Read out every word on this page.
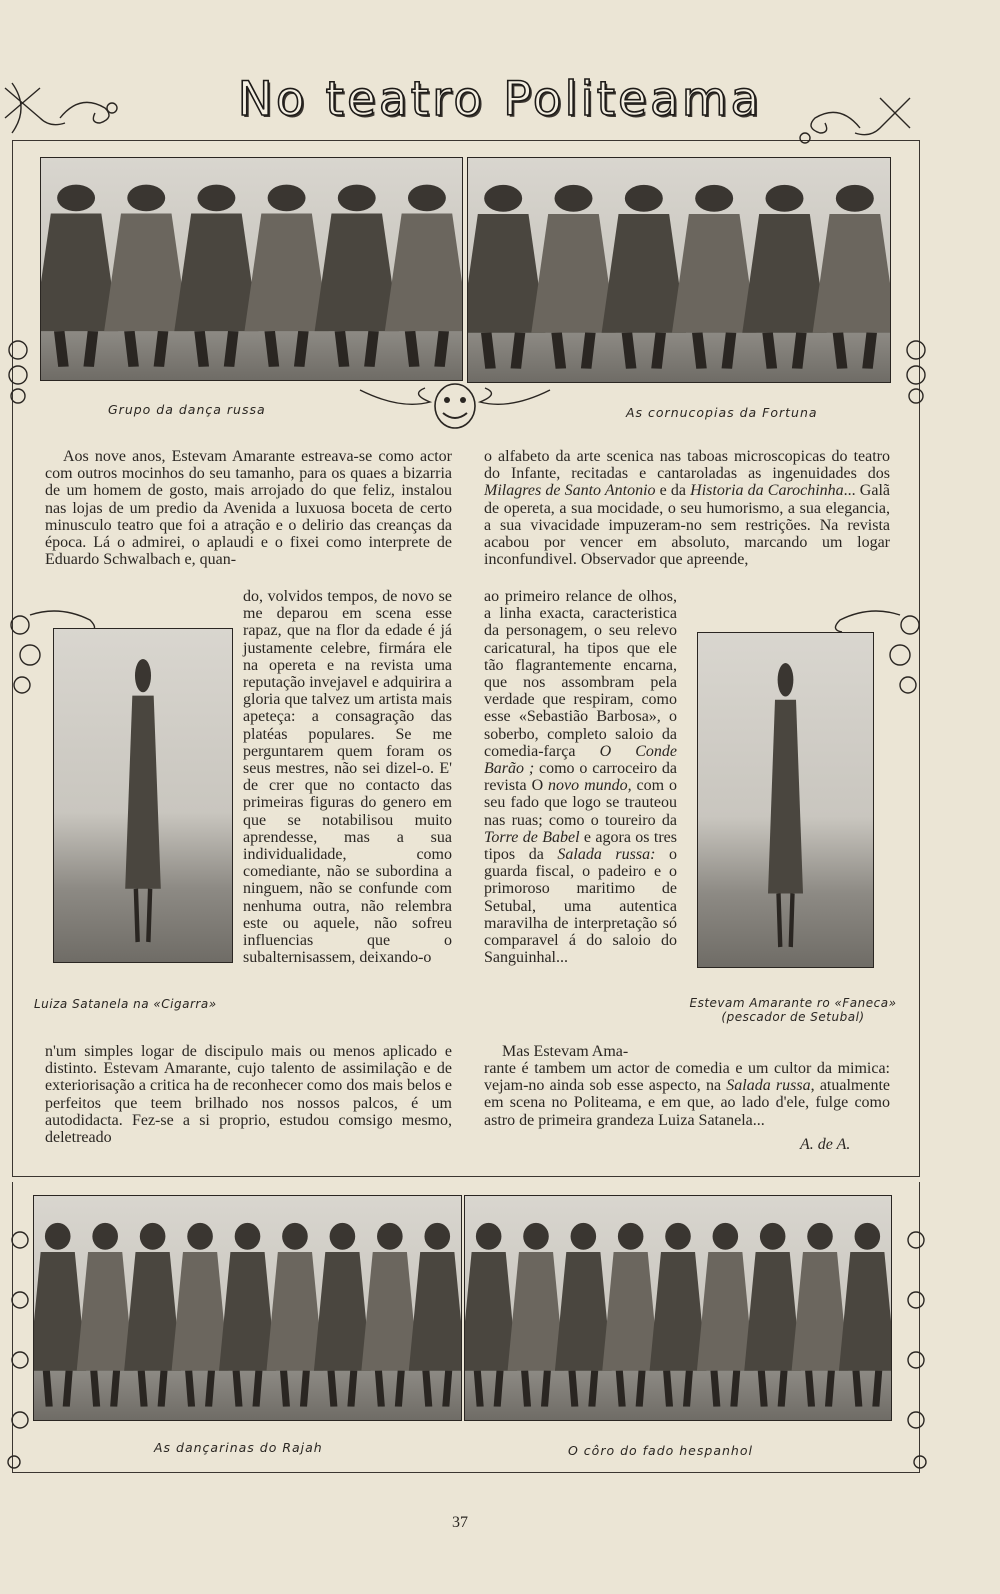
No teatro Politeama
Grupo da dança russa	As cornucopias da Fortuna
Aos nove anos, Estevam Amarante estreava-se como actor com outros mocinhos do seu tamanho, para os quaes a bizarria de um homem de gosto, mais arrojado do que feliz, instalou nas lojas de um predio da Avenida a luxuosa boceta de certo minusculo teatro que foi a atração e o delirio das creanças da época. Lá o admirei, o aplaudi e o fixei como interprete de Eduardo Schwalbach e, quan-
Luiza Satanela na «Cigarra»
do, volvidos tempos, de novo se me deparou em scena esse rapaz, que na flor da edade é já justamente celebre, firmára ele na opereta e na revista uma reputação invejavel e adquirira a gloria que talvez um artista mais apeteça: a consagração das platéas populares. Se me perguntarem quem foram os seus mestres, não sei dizel-o. E' de crer que no contacto das primeiras figuras do genero em que se notabilisou muito aprendesse, mas a sua individualidade, como comediante, não se subordina a ninguem, não se confunde com nenhuma outra, não relembra este ou aquele, não sofreu influencias que o subalternisassem, deixando-o
n'um simples logar de discipulo mais ou menos aplicado e distinto. Estevam Amarante, cujo talento de assimilação e de exteriorisação a critica ha de reconhecer como dos mais belos e perfeitos que teem brilhado nos nossos palcos, é um autodidacta. Fez-se a si proprio, estudou comsigo mesmo, deletreado
o alfabeto da arte scenica nas taboas microscopicas do teatro do Infante, recitadas e cantaroladas as ingenuidades dos Milagres de Santo Antonio e da Historia da Carochinha... Galã de opereta, a sua mocidade, o seu humorismo, a sua elegancia, a sua vivacidade impuzeram-no sem restrições. Na revista acabou por vencer em absoluto, marcando um logar inconfundivel. Observador que apreende,
ao primeiro relance de olhos, a linha exacta, caracteristica da personagem, o seu relevo caricatural, ha tipos que ele tão flagrantemente encarna, que nos assombram pela verdade que respiram, como esse «Sebastião Barbosa», o soberbo, completo saloio da comedia-farça O Conde Barão ; como o carroceiro da revista O novo mundo, com o seu fado que logo se trauteou nas ruas; como o toureiro da Torre de Babel e agora os tres tipos da Salada russa: o guarda fiscal, o padeiro e o primoroso maritimo de Setubal, uma autentica maravilha de interpretação só comparavel á do saloio do Sanguinhal...
Estevam Amarante ro «Faneca» (pescador de Setubal)
Mas Estevam Ama-
rante é tambem um actor de comedia e um cultor da mimica: vejam-no ainda sob esse aspecto, na Salada russa, atualmente em scena no Politeama, e em que, ao lado d'ele, fulge como astro de primeira grandeza Luiza Satanela...
A. de A.
As dançarinas do Rajah	O côro do fado hespanhol
37
